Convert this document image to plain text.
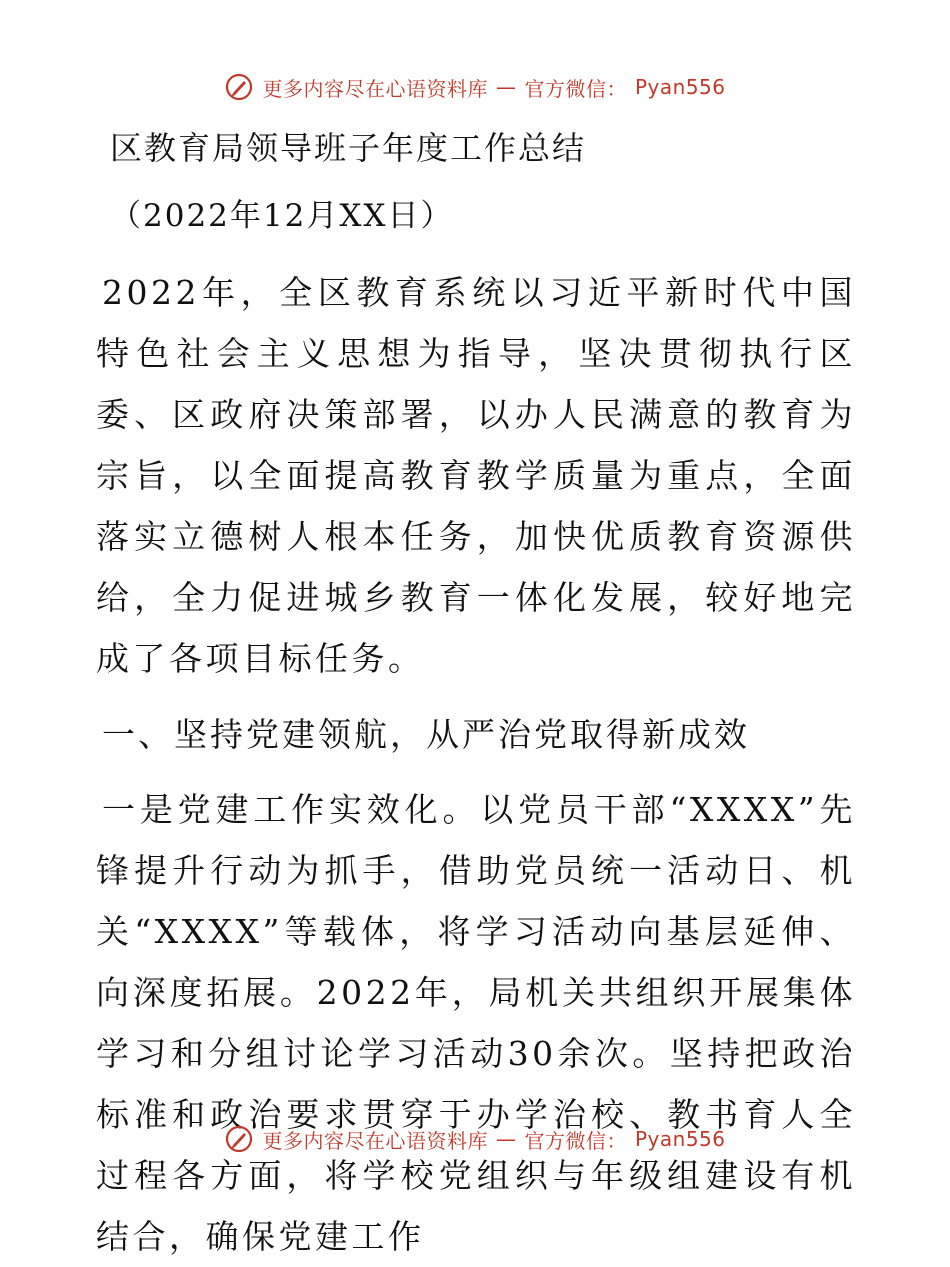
更多内容尽在心语资料库 — 官方微信： Pyan556
区教育局领导班子年度工作总结
（2022年12月XX日）

2022年，全区教育系统以习近平新时代中国特色社会主义思想为指导，坚决贯彻执行区委、区政府决策部署，以办人民满意的教育为宗旨，以全面提高教育教学质量为重点，全面落实立德树人根本任务，加快优质教育资源供给，全力促进城乡教育一体化发展，较好地完成了各项目标任务。

一、坚持党建领航，从严治党取得新成效

一是党建工作实效化。以党员干部“XXXX”先锋提升行动为抓手，借助党员统一活动日、机关“XXXX”等载体，将学习活动向基层延伸、向深度拓展。2022年，局机关共组织开展集体学习和分组讨论学习活动30余次。坚持把政治标准和政治要求贯穿于办学治校、教书育人全过程各方面，将学校党组织与年级组建设有机结合，确保党建工作

更多内容尽在心语资料库 — 官方微信： Pyan556
